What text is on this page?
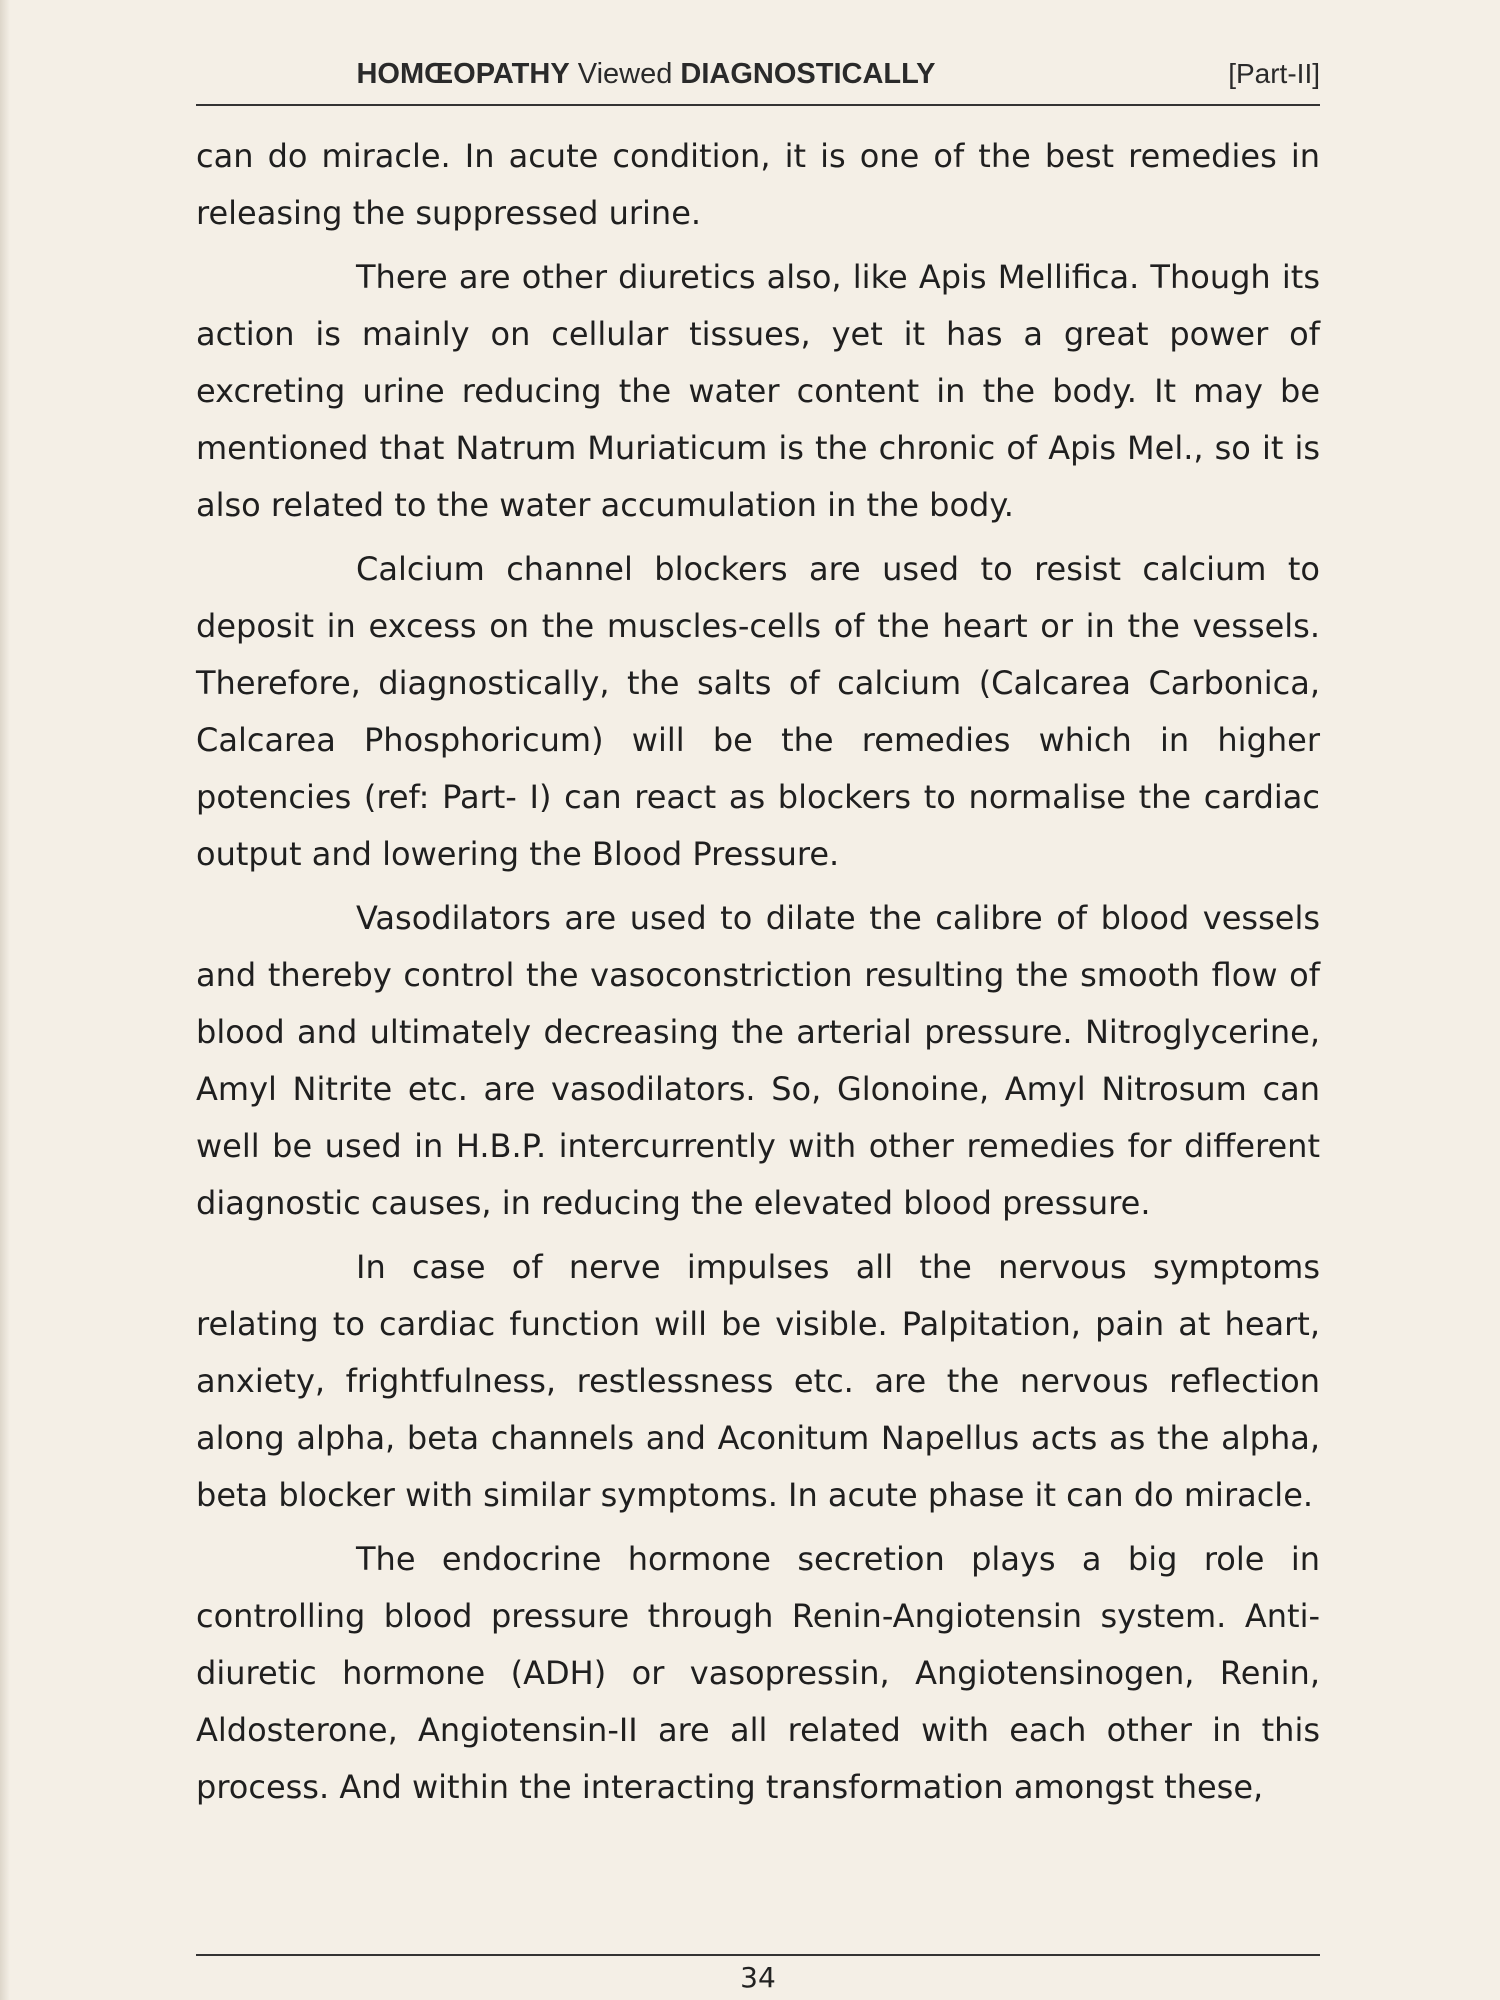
HOMŒOPATHY Viewed DIAGNOSTICALLY	[Part-II]

can do miracle. In acute condition, it is one of the best remedies in releasing the suppressed urine.

There are other diuretics also, like Apis Mellifica. Though its action is mainly on cellular tissues, yet it has a great power of excreting urine reducing the water content in the body. It may be mentioned that Natrum Muriaticum is the chronic of Apis Mel., so it is also related to the water accumulation in the body.

Calcium channel blockers are used to resist calcium to deposit in excess on the muscles-cells of the heart or in the vessels. Therefore, diagnostically, the salts of calcium (Calcarea Carbonica, Calcarea Phosphoricum) will be the remedies which in higher potencies (ref: Part- I) can react as blockers to normalise the cardiac output and lowering the Blood Pressure.

Vasodilators are used to dilate the calibre of blood vessels and thereby control the vasoconstriction resulting the smooth flow of blood and ultimately decreasing the arterial pressure. Nitroglycerine, Amyl Nitrite etc. are vasodilators. So, Glonoine, Amyl Nitrosum can well be used in H.B.P. intercurrently with other remedies for different diagnostic causes, in reducing the elevated blood pressure.

In case of nerve impulses all the nervous symptoms relating to cardiac function will be visible. Palpitation, pain at heart, anxiety, frightfulness, restlessness etc. are the nervous reflection along alpha, beta channels and Aconitum Napellus acts as the alpha, beta blocker with similar symptoms. In acute phase it can do miracle.

The endocrine hormone secretion plays a big role in controlling blood pressure through Renin-Angiotensin system. Anti-diuretic hormone (ADH) or vasopressin, Angiotensinogen, Renin, Aldosterone, Angiotensin-II are all related with each other in this process. And within the interacting transformation amongst these,

34
